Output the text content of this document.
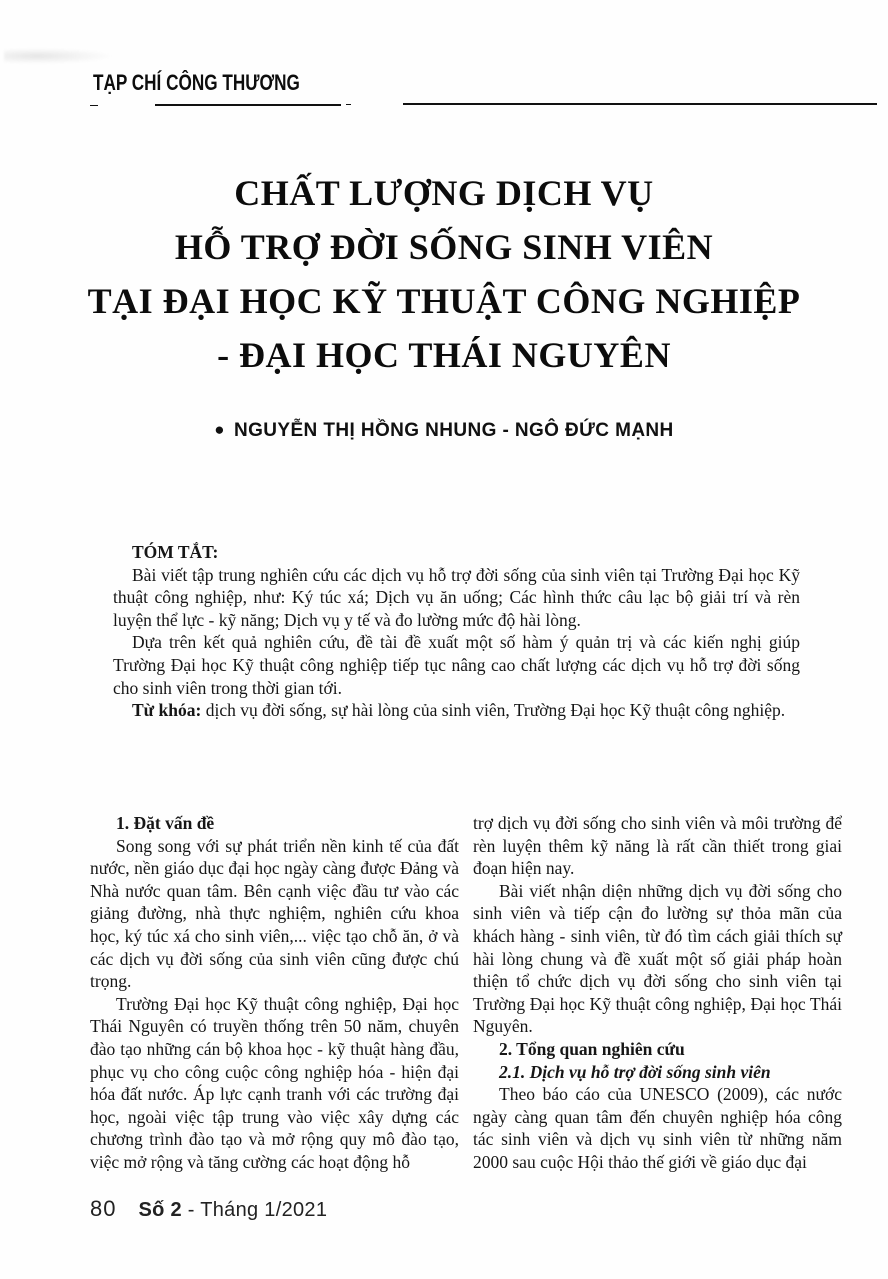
TẠP CHÍ CÔNG THƯƠNG
CHẤT LƯỢNG DỊCH VỤ
HỖ TRỢ ĐỜI SỐNG SINH VIÊN
TẠI ĐẠI HỌC KỸ THUẬT CÔNG NGHIỆP
- ĐẠI HỌC THÁI NGUYÊN
● NGUYỄN THỊ HỒNG NHUNG - NGÔ ĐỨC MẠNH
TÓM TẮT:

Bài viết tập trung nghiên cứu các dịch vụ hỗ trợ đời sống của sinh viên tại Trường Đại học Kỹ thuật công nghiệp, như: Ký túc xá; Dịch vụ ăn uống; Các hình thức câu lạc bộ giải trí và rèn luyện thể lực - kỹ năng; Dịch vụ y tế và đo lường mức độ hài lòng.

Dựa trên kết quả nghiên cứu, đề tài đề xuất một số hàm ý quản trị và các kiến nghị giúp Trường Đại học Kỹ thuật công nghiệp tiếp tục nâng cao chất lượng các dịch vụ hỗ trợ đời sống cho sinh viên trong thời gian tới.

Từ khóa: dịch vụ đời sống, sự hài lòng của sinh viên, Trường Đại học Kỹ thuật công nghiệp.

1. Đặt vấn đề

Song song với sự phát triển nền kinh tế của đất nước, nền giáo dục đại học ngày càng được Đảng và Nhà nước quan tâm. Bên cạnh việc đầu tư vào các giảng đường, nhà thực nghiệm, nghiên cứu khoa học, ký túc xá cho sinh viên,... việc tạo chỗ ăn, ở và các dịch vụ đời sống của sinh viên cũng được chú trọng.

Trường Đại học Kỹ thuật công nghiệp, Đại học Thái Nguyên có truyền thống trên 50 năm, chuyên đào tạo những cán bộ khoa học - kỹ thuật hàng đầu, phục vụ cho công cuộc công nghiệp hóa - hiện đại hóa đất nước. Áp lực cạnh tranh với các trường đại học, ngoài việc tập trung vào việc xây dựng các chương trình đào tạo và mở rộng quy mô đào tạo, việc mở rộng và tăng cường các hoạt động hỗ

trợ dịch vụ đời sống cho sinh viên và môi trường để rèn luyện thêm kỹ năng là rất cần thiết trong giai đoạn hiện nay.

Bài viết nhận diện những dịch vụ đời sống cho sinh viên và tiếp cận đo lường sự thỏa mãn của khách hàng - sinh viên, từ đó tìm cách giải thích sự hài lòng chung và đề xuất một số giải pháp hoàn thiện tổ chức dịch vụ đời sống cho sinh viên tại Trường Đại học Kỹ thuật công nghiệp, Đại học Thái Nguyên.

2. Tổng quan nghiên cứu
2.1. Dịch vụ hỗ trợ đời sống sinh viên

Theo báo cáo của UNESCO (2009), các nước ngày càng quan tâm đến chuyên nghiệp hóa công tác sinh viên và dịch vụ sinh viên từ những năm 2000 sau cuộc Hội thảo thế giới về giáo dục đại

80 Số 2 - Tháng 1/2021
